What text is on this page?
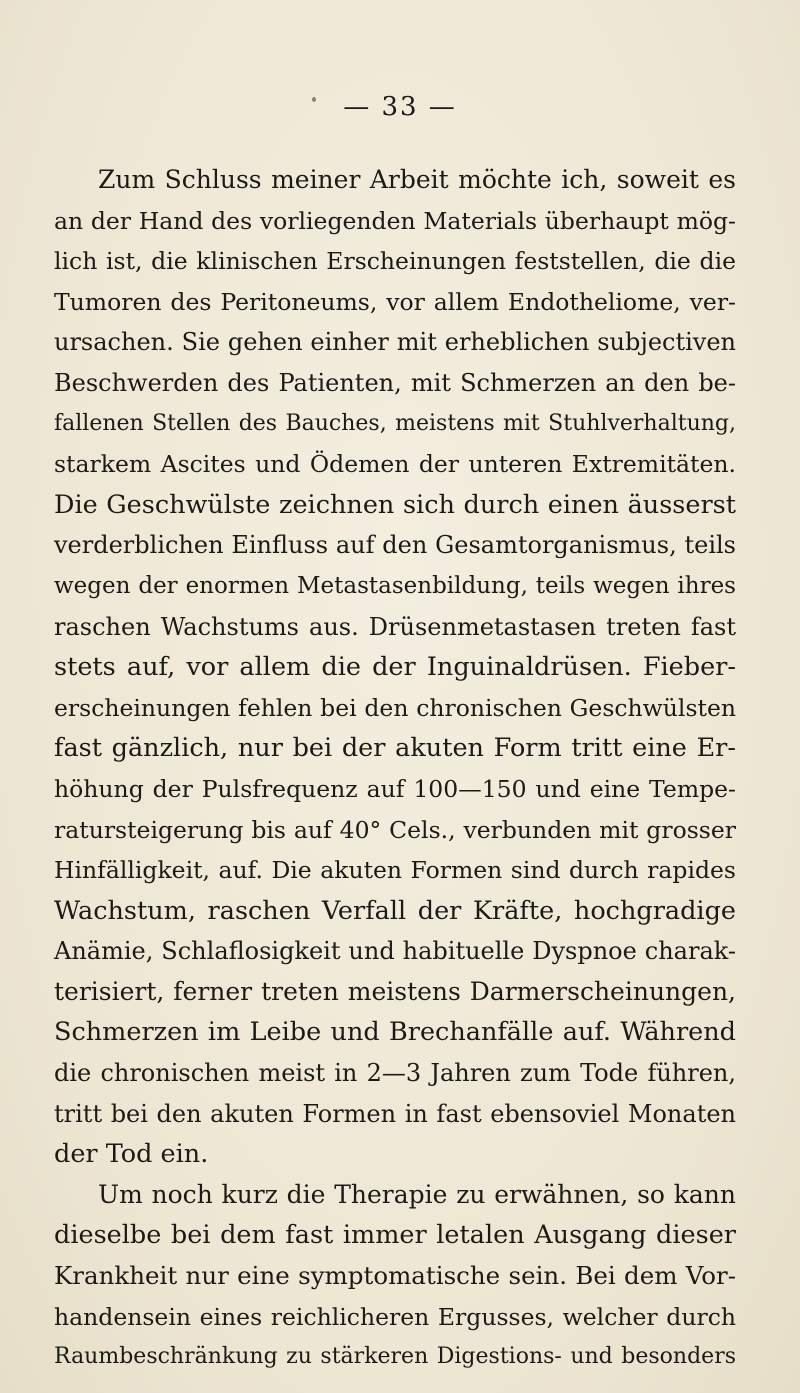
— 33 —
Zum Schluss meiner Arbeit möchte ich, soweit es
an der Hand des vorliegenden Materials überhaupt mög-
lich ist, die klinischen Erscheinungen feststellen, die die
Tumoren des Peritoneums, vor allem Endotheliome, ver-
ursachen. Sie gehen einher mit erheblichen subjectiven
Beschwerden des Patienten, mit Schmerzen an den be-
fallenen Stellen des Bauches, meistens mit Stuhlverhaltung,
starkem Ascites und Ödemen der unteren Extremitäten.
Die Geschwülste zeichnen sich durch einen äusserst
verderblichen Einfluss auf den Gesamtorganismus, teils
wegen der enormen Metastasenbildung, teils wegen ihres
raschen Wachstums aus. Drüsenmetastasen treten fast
stets auf, vor allem die der Inguinaldrüsen. Fieber-
erscheinungen fehlen bei den chronischen Geschwülsten
fast gänzlich, nur bei der akuten Form tritt eine Er-
höhung der Pulsfrequenz auf 100—150 und eine Tempe-
ratursteigerung bis auf 40° Cels., verbunden mit grosser
Hinfälligkeit, auf. Die akuten Formen sind durch rapides
Wachstum, raschen Verfall der Kräfte, hochgradige
Anämie, Schlaflosigkeit und habituelle Dyspnoe charak-
terisiert, ferner treten meistens Darmerscheinungen,
Schmerzen im Leibe und Brechanfälle auf. Während
die chronischen meist in 2—3 Jahren zum Tode führen,
tritt bei den akuten Formen in fast ebensoviel Monaten
der Tod ein.
Um noch kurz die Therapie zu erwähnen, so kann
dieselbe bei dem fast immer letalen Ausgang dieser
Krankheit nur eine symptomatische sein. Bei dem Vor-
handensein eines reichlicheren Ergusses, welcher durch
Raumbeschränkung zu stärkeren Digestions- und besonders
